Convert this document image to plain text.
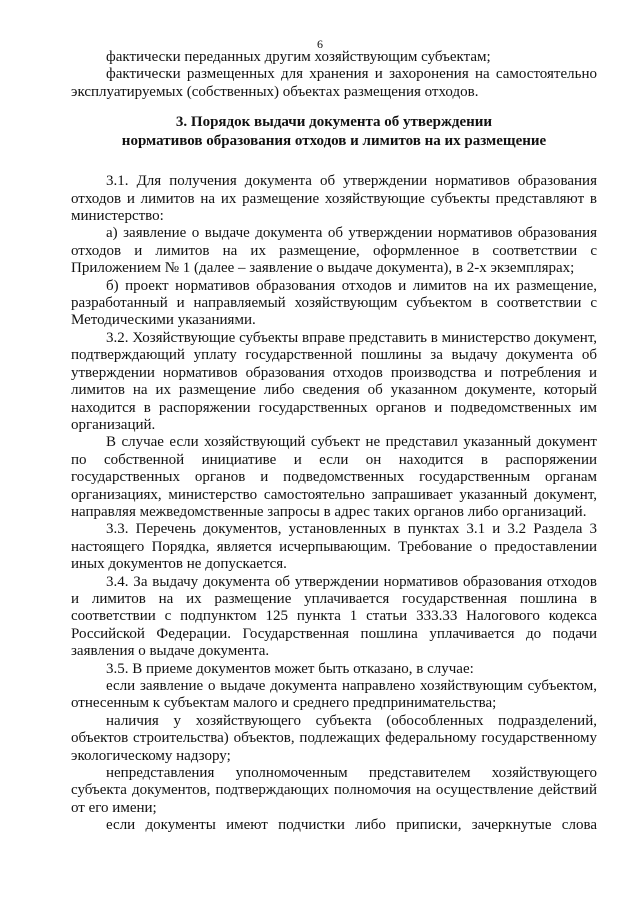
6

фактически переданных другим хозяйствующим субъектам;

фактически размещенных для хранения и захоронения на самостоятельно эксплуатируемых (собственных) объектах размещения отходов.

3. Порядок выдачи документа об утверждении
нормативов образования отходов и лимитов на их размещение

3.1. Для получения документа об утверждении нормативов образования отходов и лимитов на их размещение хозяйствующие субъекты представляют в министерство:

а) заявление о выдаче документа об утверждении нормативов образования отходов и лимитов на их размещение, оформленное в соответствии с Приложением № 1 (далее – заявление о выдаче документа), в 2-х экземплярах;

б) проект нормативов образования отходов и лимитов на их размещение, разработанный и направляемый хозяйствующим субъектом в соответствии с Методическими указаниями.

3.2. Хозяйствующие субъекты вправе представить в министерство документ, подтверждающий уплату государственной пошлины за выдачу документа об утверждении нормативов образования отходов производства и потребления и лимитов на их размещение либо сведения об указанном документе, который находится в распоряжении государственных органов и подведомственных им организаций.

В случае если хозяйствующий субъект не представил указанный документ по собственной инициативе и если он находится в распоряжении государственных органов и подведомственных государственным органам организациях, министерство самостоятельно запрашивает указанный документ, направляя межведомственные запросы в адрес таких органов либо организаций.

3.3. Перечень документов, установленных в пунктах 3.1 и 3.2 Раздела 3 настоящего Порядка, является исчерпывающим. Требование о предоставлении иных документов не допускается.

3.4. За выдачу документа об утверждении нормативов образования отходов и лимитов на их размещение уплачивается государственная пошлина в соответствии с подпунктом 125 пункта 1 статьи 333.33 Налогового кодекса Российской Федерации. Государственная пошлина уплачивается до подачи заявления о выдаче документа.

3.5. В приеме документов может быть отказано, в случае:

если заявление о выдаче документа направлено хозяйствующим субъектом, отнесенным к субъектам малого и среднего предпринимательства;

наличия у хозяйствующего субъекта (обособленных подразделений, объектов строительства) объектов, подлежащих федеральному государственному экологическому надзору;

непредставления уполномоченным представителем хозяйствующего субъекта документов, подтверждающих полномочия на осуществление действий от его имени;

если документы имеют подчистки либо приписки, зачеркнутые слова
